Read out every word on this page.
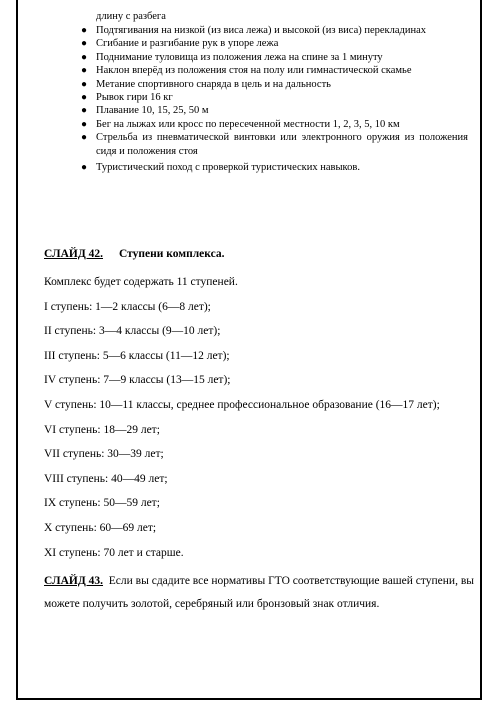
длину с разбега
● Подтягивания на низкой (из виса лежа) и высокой (из виса) перекладинах
● Сгибание и разгибание рук в упоре лежа
● Поднимание туловища из положения лежа на спине за 1 минуту
● Наклон вперёд из положения стоя на полу или гимнастической скамье
● Метание спортивного снаряда в цель и на дальность
● Рывок гири 16 кг
● Плавание 10, 15, 25, 50 м
● Бег на лыжах или кросс по пересеченной местности 1, 2, 3, 5, 10 км
● Стрельба из пневматической винтовки или электронного оружия из положения сидя и положения стоя
● Туристический поход с проверкой туристических навыков.
СЛАЙД 42. Ступени комплекса.
Комплекс будет содержать 11 ступеней.
I ступень: 1—2 классы (6—8 лет);
II ступень: 3—4 классы (9—10 лет);
III ступень: 5—6 классы (11—12 лет);
IV ступень: 7—9 классы (13—15 лет);
V ступень: 10—11 классы, среднее профессиональное образование (16—17 лет);
VI ступень: 18—29 лет;
VII ступень: 30—39 лет;
VIII ступень: 40—49 лет;
IX ступень: 50—59 лет;
X ступень: 60—69 лет;
XI ступень: 70 лет и старше.
СЛАЙД 43. Если вы сдадите все нормативы ГТО соответствующие вашей ступени, вы можете получить золотой, серебряный или бронзовый знак отличия.
